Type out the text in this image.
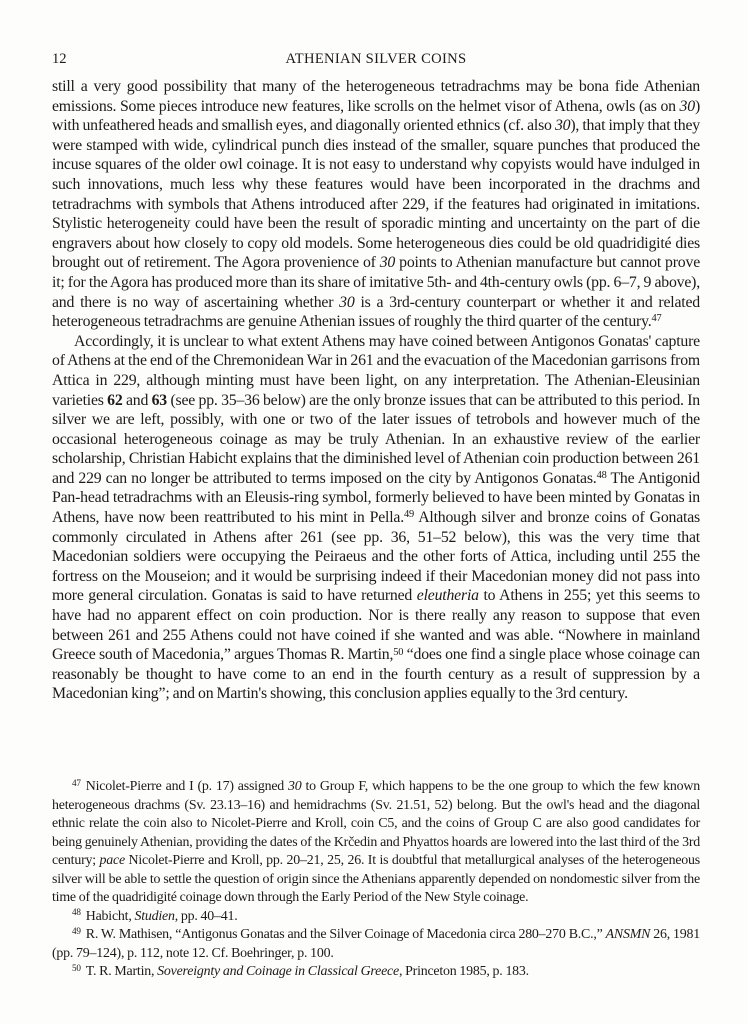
12	ATHENIAN SILVER COINS

still a very good possibility that many of the heterogeneous tetradrachms may be bona fide Athenian emissions. Some pieces introduce new features, like scrolls on the helmet visor of Athena, owls (as on 30) with unfeathered heads and smallish eyes, and diagonally oriented ethnics (cf. also 30), that imply that they were stamped with wide, cylindrical punch dies instead of the smaller, square punches that produced the incuse squares of the older owl coinage. It is not easy to understand why copyists would have indulged in such innovations, much less why these features would have been incorporated in the drachms and tetradrachms with symbols that Athens introduced after 229, if the features had originated in imitations. Stylistic heterogeneity could have been the result of sporadic minting and uncertainty on the part of die engravers about how closely to copy old models. Some heterogeneous dies could be old quadridigité dies brought out of retirement. The Agora provenience of 30 points to Athenian manufacture but cannot prove it; for the Agora has produced more than its share of imitative 5th- and 4th-century owls (pp. 6–7, 9 above), and there is no way of ascertaining whether 30 is a 3rd-century counterpart or whether it and related heterogeneous tetradrachms are genuine Athenian issues of roughly the third quarter of the century.$^{47}$

Accordingly, it is unclear to what extent Athens may have coined between Antigonos Gonatas' capture of Athens at the end of the Chremonidean War in 261 and the evacuation of the Macedonian garrisons from Attica in 229, although minting must have been light, on any interpretation. The Athenian-Eleusinian varieties 62 and 63 (see pp. 35–36 below) are the only bronze issues that can be attributed to this period. In silver we are left, possibly, with one or two of the later issues of tetrobols and however much of the occasional heterogeneous coinage as may be truly Athenian. In an exhaustive review of the earlier scholarship, Christian Habicht explains that the diminished level of Athenian coin production between 261 and 229 can no longer be attributed to terms imposed on the city by Antigonos Gonatas.$^{48}$ The Antigonid Pan-head tetradrachms with an Eleusis-ring symbol, formerly believed to have been minted by Gonatas in Athens, have now been reattributed to his mint in Pella.$^{49}$ Although silver and bronze coins of Gonatas commonly circulated in Athens after 261 (see pp. 36, 51–52 below), this was the very time that Macedonian soldiers were occupying the Peiraeus and the other forts of Attica, including until 255 the fortress on the Mouseion; and it would be surprising indeed if their Macedonian money did not pass into more general circulation. Gonatas is said to have returned eleutheria to Athens in 255; yet this seems to have had no apparent effect on coin production. Nor is there really any reason to suppose that even between 261 and 255 Athens could not have coined if she wanted and was able. “Nowhere in mainland Greece south of Macedonia,” argues Thomas R. Martin,$^{50}$ “does one find a single place whose coinage can reasonably be thought to have come to an end in the fourth century as a result of suppression by a Macedonian king”; and on Martin's showing, this conclusion applies equally to the 3rd century.

$^{47}$ Nicolet-Pierre and I (p. 17) assigned 30 to Group F, which happens to be the one group to which the few known heterogeneous drachms (Sv. 23.13–16) and hemidrachms (Sv. 21.51, 52) belong. But the owl's head and the diagonal ethnic relate the coin also to Nicolet-Pierre and Kroll, coin C5, and the coins of Group C are also good candidates for being genuinely Athenian, providing the dates of the Krčedin and Phyattos hoards are lowered into the last third of the 3rd century; pace Nicolet-Pierre and Kroll, pp. 20–21, 25, 26. It is doubtful that metallurgical analyses of the heterogeneous silver will be able to settle the question of origin since the Athenians apparently depended on nondomestic silver from the time of the quadridigité coinage down through the Early Period of the New Style coinage.

$^{48}$ Habicht, Studien, pp. 40–41.

$^{49}$ R. W. Mathisen, “Antigonus Gonatas and the Silver Coinage of Macedonia circa 280–270 B.C.,” ANSMN 26, 1981 (pp. 79–124), p. 112, note 12. Cf. Boehringer, p. 100.

$^{50}$ T. R. Martin, Sovereignty and Coinage in Classical Greece, Princeton 1985, p. 183.
